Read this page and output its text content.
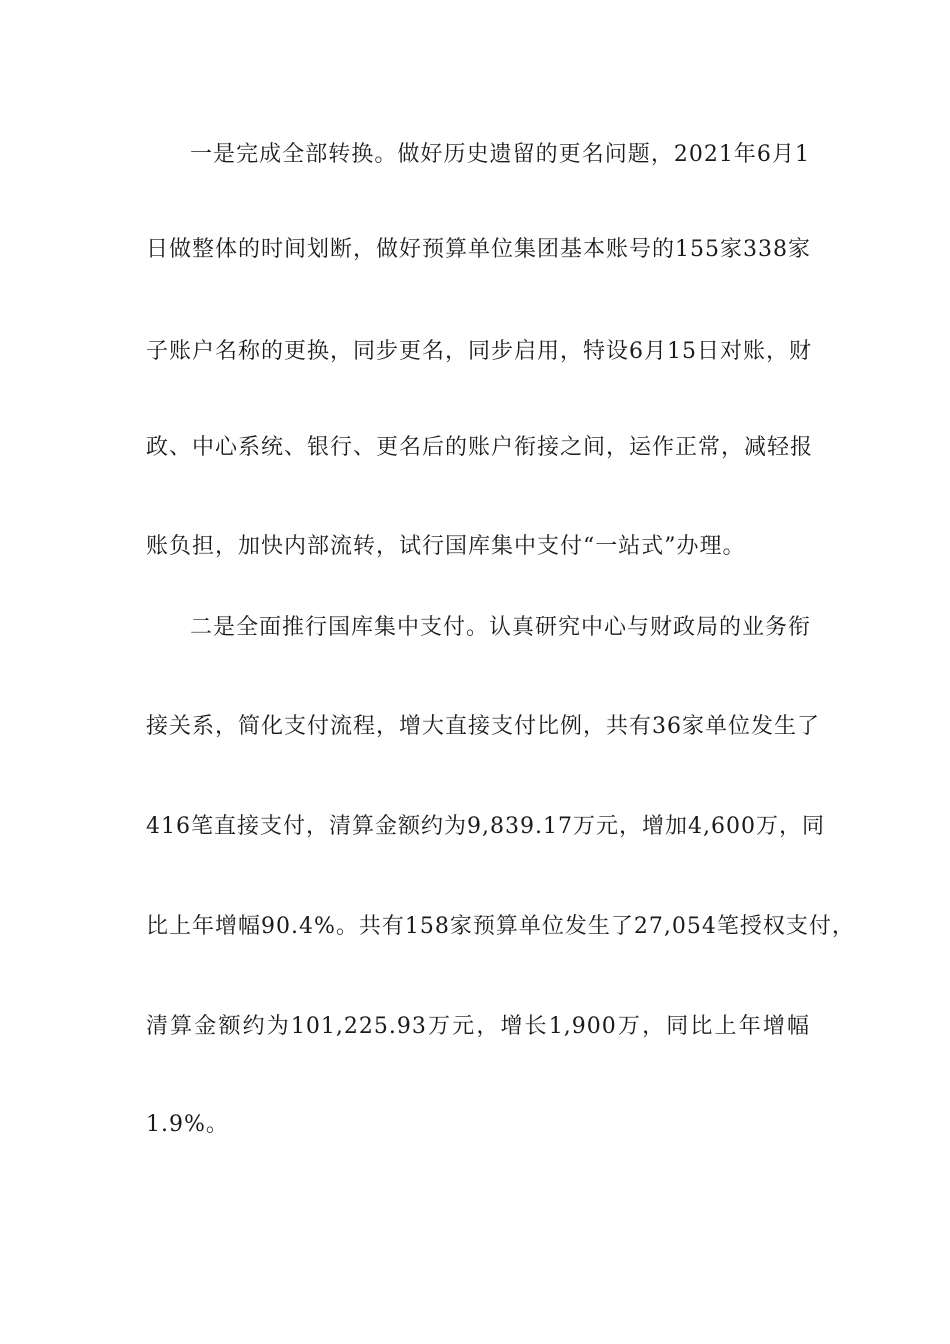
一是完成全部转换。做好历史遗留的更名问题，2021年6月1
日做整体的时间划断，做好预算单位集团基本账号的155家338家
子账户名称的更换，同步更名，同步启用，特设6月15日对账，财
政、中心系统、银行、更名后的账户衔接之间，运作正常，减轻报
账负担，加快内部流转，试行国库集中支付“一站式”办理。
二是全面推行国库集中支付。认真研究中心与财政局的业务衔
接关系，简化支付流程，增大直接支付比例，共有36家单位发生了
416笔直接支付，清算金额约为9,839.17万元，增加4,600万，同
比上年增幅90.4%。共有158家预算单位发生了27,054笔授权支付，
清算金额约为101,225.93万元，增长1,900万，同比上年增幅
1.9%。
